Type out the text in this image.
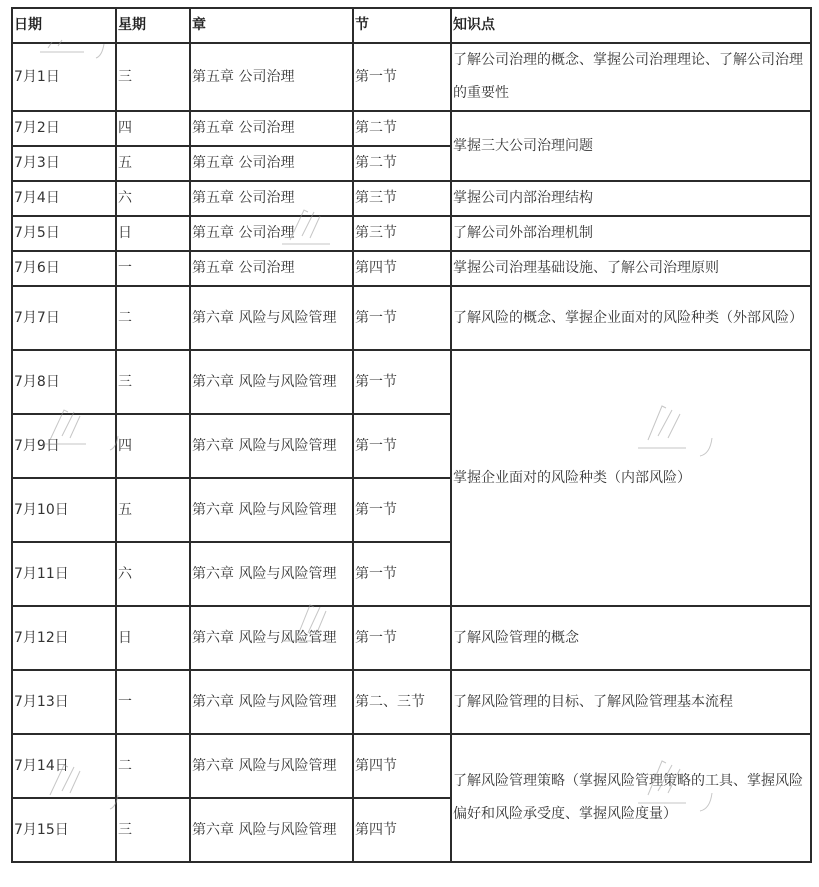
日期	星期	章	节	知识点
7月1日	三	第五章 公司治理	第一节	了解公司治理的概念、掌握公司治理理论、了解公司治理的重要性
7月2日	四	第五章 公司治理	第二节	掌握三大公司治理问题
7月3日	五	第五章 公司治理	第二节	
7月4日	六	第五章 公司治理	第三节	掌握公司内部治理结构
7月5日	日	第五章 公司治理	第三节	了解公司外部治理机制
7月6日	一	第五章 公司治理	第四节	掌握公司治理基础设施、了解公司治理原则
7月7日	二	第六章 风险与风险管理	第一节	了解风险的概念、掌握企业面对的风险种类（外部风险）
7月8日	三	第六章 风险与风险管理	第一节	掌握企业面对的风险种类（内部风险）
7月9日	四	第六章 风险与风险管理	第一节	
7月10日	五	第六章 风险与风险管理	第一节	
7月11日	六	第六章 风险与风险管理	第一节	
7月12日	日	第六章 风险与风险管理	第一节	了解风险管理的概念
7月13日	一	第六章 风险与风险管理	第二、三节	了解风险管理的目标、了解风险管理基本流程
7月14日	二	第六章 风险与风险管理	第四节	了解风险管理策略（掌握风险管理策略的工具、掌握风险偏好和风险承受度、掌握风险度量）
7月15日	三	第六章 风险与风险管理	第四节	
